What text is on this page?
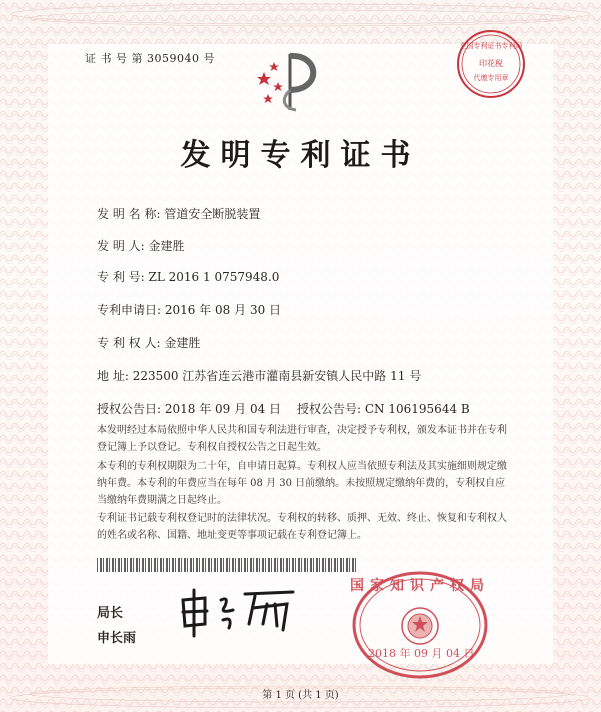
证 书 号 第 3059040 号
全国专利证书专利局
印花税
代缴专用章
发明专利证书
发 明 名 称: 管道安全断脱装置
发 明 人: 金建胜
专 利 号: ZL 2016 1 0757948.0
专利申请日: 2016 年 08 月 30 日
专 利 权 人: 金建胜
地 址: 223500 江苏省连云港市灌南县新安镇人民中路 11 号
授权公告日: 2018 年 09 月 04 日 授权公告号: CN 106195644 B
本发明经过本局依照中华人民共和国专利法进行审查，决定授予专利权，颁发本证书并在专利登记簿上予以登记。专利权自授权公告之日起生效。
本专利的专利权期限为二十年，自申请日起算。专利权人应当依照专利法及其实施细则规定缴纳年费。本专利的年费应当在每年 08 月 30 日前缴纳。未按照规定缴纳年费的，专利权自应当缴纳年费期满之日起终止。
专利证书记载专利权登记时的法律状况。专利权的转移、质押、无效、终止、恢复和专利权人的姓名或名称、国籍、地址变更等事项记载在专利登记簿上。
局长
申长雨
国家知识产权局
2018 年 09 月 04 日
第 1 页 (共 1 页)
